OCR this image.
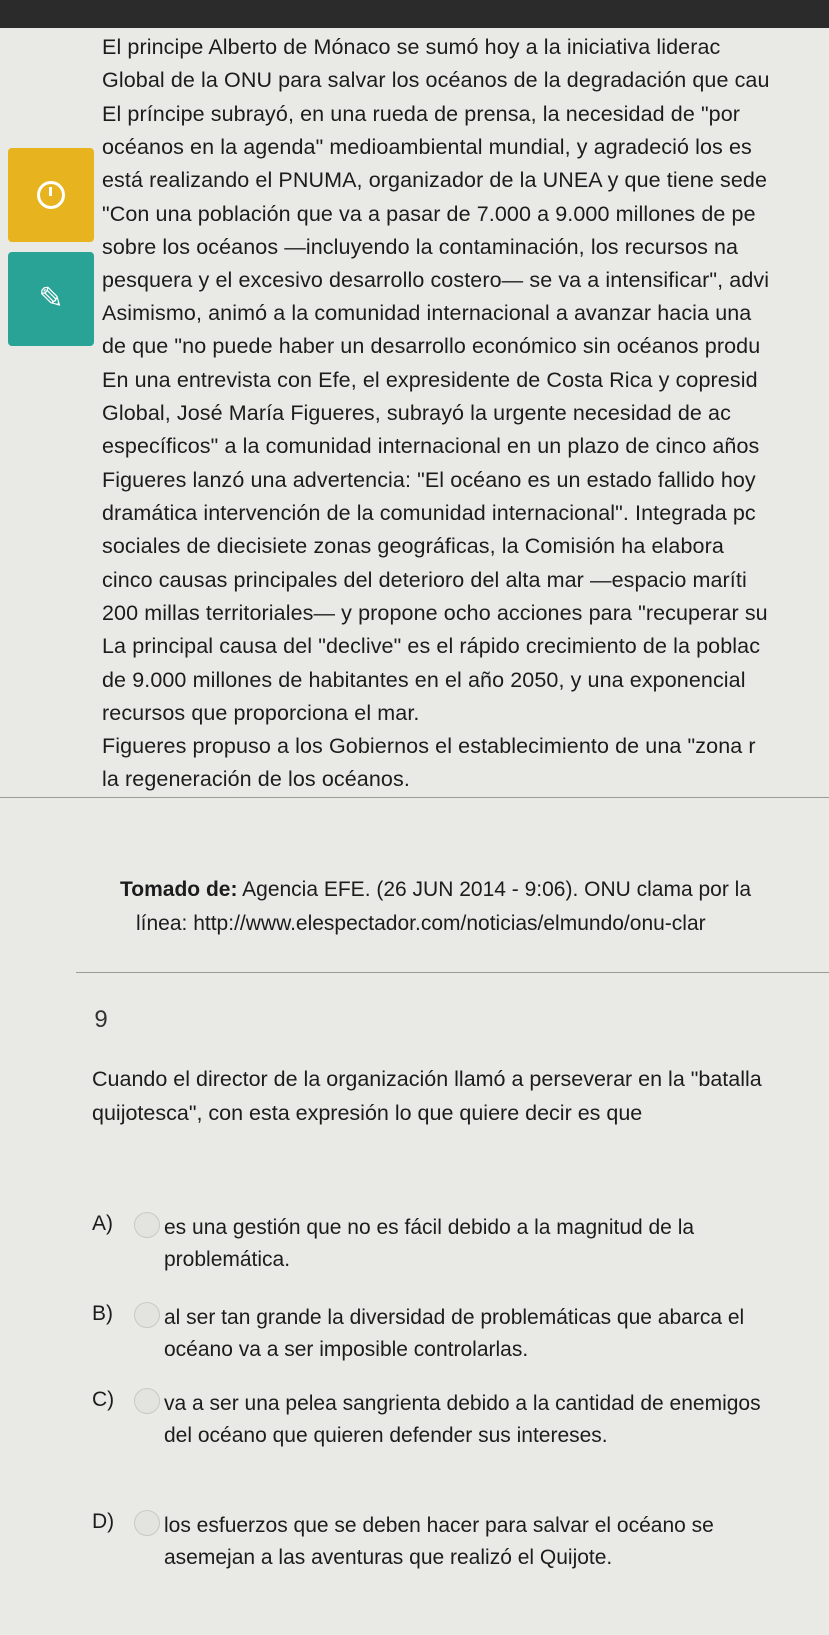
✎
El principe Alberto de Mónaco se sumó hoy a la iniciativa liderac
Global de la ONU para salvar los océanos de la degradación que cau
El príncipe subrayó, en una rueda de prensa, la necesidad de "por
océanos en la agenda" medioambiental mundial, y agradeció los es
está realizando el PNUMA, organizador de la UNEA y que tiene sede
"Con una población que va a pasar de 7.000 a 9.000 millones de pe
sobre los océanos —incluyendo la contaminación, los recursos na
pesquera y el excesivo desarrollo costero— se va a intensificar", advi
Asimismo, animó a la comunidad internacional a avanzar hacia una
de que "no puede haber un desarrollo económico sin océanos produ
En una entrevista con Efe, el expresidente de Costa Rica y copresid
Global, José María Figueres, subrayó la urgente necesidad de ac
específicos" a la comunidad internacional en un plazo de cinco años
Figueres lanzó una advertencia: "El océano es un estado fallido hoy
dramática intervención de la comunidad internacional". Integrada pc
sociales de diecisiete zonas geográficas, la Comisión ha elabora
cinco causas principales del deterioro del alta mar —espacio maríti
200 millas territoriales— y propone ocho acciones para "recuperar su
La principal causa del "declive" es el rápido crecimiento de la poblac
de 9.000 millones de habitantes en el año 2050, y una exponencial
recursos que proporciona el mar.
Figueres propuso a los Gobiernos el establecimiento de una "zona r
la regeneración de los océanos.
Tomado de: Agencia EFE. (26 JUN 2014 - 9:06). ONU clama por la
línea: http://www.elespectador.com/noticias/elmundo/onu-clar
9
Cuando el director de la organización llamó a perseverar en la "batalla quijotesca", con esta expresión lo que quiere decir es que
A) es una gestión que no es fácil debido a la magnitud de la problemática.
B) al ser tan grande la diversidad de problemáticas que abarca el océano va a ser imposible controlarlas.
C) va a ser una pelea sangrienta debido a la cantidad de enemigos del océano que quieren defender sus intereses.
D) los esfuerzos que se deben hacer para salvar el océano se asemejan a las aventuras que realizó el Quijote.
